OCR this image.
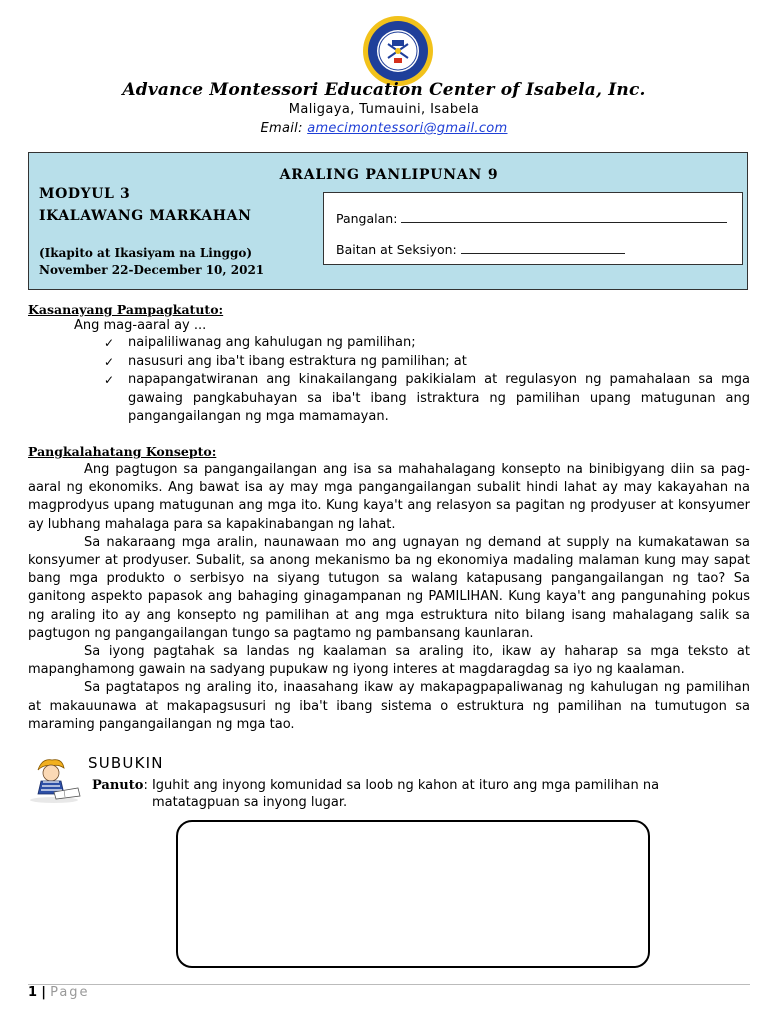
Advance Montessori Education Center of Isabela, Inc.
Maligaya, Tumauini, Isabela
Email: amecimontessori@gmail.com
ARALING PANLIPUNAN 9
MODYUL 3
IKALAWANG MARKAHAN
(Ikapito at Ikasiyam na Linggo)
November 22-December 10, 2021
Pangalan:
Baitan at Seksiyon:
Kasanayang Pampagkatuto:
Ang mag-aaral ay ...
✓ naipaliliwanag ang kahulugan ng pamilihan;
✓ nasusuri ang iba't ibang estraktura ng pamilihan; at
✓ napapangatwiranan ang kinakailangang pakikialam at regulasyon ng pamahalaan sa mga gawaing pangkabuhayan sa iba't ibang istraktura ng pamilihan upang matugunan ang pangangailangan ng mga mamamayan.
Pangkalahatang Konsepto:

Ang pagtugon sa pangangailangan ang isa sa mahahalagang konsepto na binibigyang diin sa pag-aaral ng ekonomiks. Ang bawat isa ay may mga pangangailangan subalit hindi lahat ay may kakayahan na magprodyus upang matugunan ang mga ito. Kung kaya't ang relasyon sa pagitan ng prodyuser at konsyumer ay lubhang mahalaga para sa kapakinabangan ng lahat.

Sa nakaraang mga aralin, naunawaan mo ang ugnayan ng demand at supply na kumakatawan sa konsyumer at prodyuser. Subalit, sa anong mekanismo ba ng ekonomiya madaling malaman kung may sapat bang mga produkto o serbisyo na siyang tutugon sa walang katapusang pangangailangan ng tao? Sa ganitong aspekto papasok ang bahaging ginagampanan ng PAMILIHAN. Kung kaya't ang pangunahing pokus ng araling ito ay ang konsepto ng pamilihan at ang mga estruktura nito bilang isang mahalagang salik sa pagtugon ng pangangailangan tungo sa pagtamo ng pambansang kaunlaran.

Sa iyong pagtahak sa landas ng kaalaman sa araling ito, ikaw ay haharap sa mga teksto at mapanghamong gawain na sadyang pupukaw ng iyong interes at magdaragdag sa iyo ng kaalaman.

Sa pagtatapos ng araling ito, inaasahang ikaw ay makapagpapaliwanag ng kahulugan ng pamilihan at makauunawa at makapagsusuri ng iba't ibang sistema o estruktura ng pamilihan na tumutugon sa maraming pangangailangan ng mga tao.

SUBUKIN
Panuto: Iguhit ang inyong komunidad sa loob ng kahon at ituro ang mga pamilihan na
matatagpuan sa inyong lugar.
1 | Page
